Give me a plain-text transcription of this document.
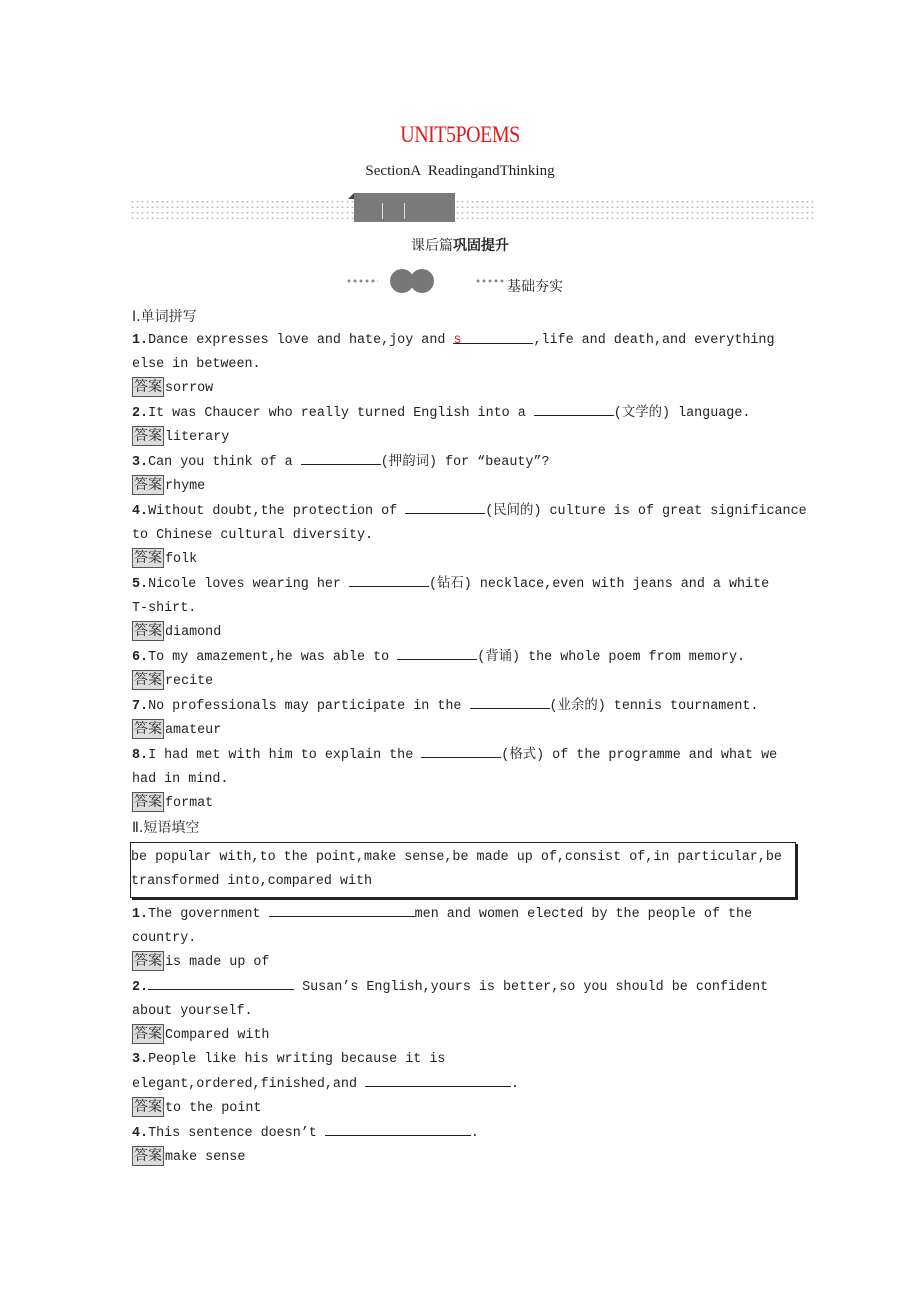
UNIT5POEMS
SectionA  ReadingandThinking
课后篇巩固提升
基础夯实
Ⅰ.单词拼写
1.Dance expresses love and hate,joy and s	,life and death,and everything
else in between.
答案 sorrow
2.It was Chaucer who really turned English into a	(文学的) language.
答案 literary
3.Can you think of a	(押韵词) for “beauty”?
答案 rhyme
4.Without doubt,the protection of	(民间的) culture is of great significance
to Chinese cultural diversity.
答案 folk
5.Nicole loves wearing her	(钻石) necklace,even with jeans and a white
T-shirt.
答案 diamond
6.To my amazement,he was able to	(背诵) the whole poem from memory.
答案 recite
7.No professionals may participate in the	(业余的) tennis tournament.
答案 amateur
8.I had met with him to explain the	(格式) of the programme and what we
had in mind.
答案 format
Ⅱ.短语填空
be popular with,to the point,make sense,be made up of,consist of,in particular,be transformed into,compared with
1.The government	men and women elected by the people of the
country.
答案 is made up of
2.	Susan’s English,yours is better,so you should be confident
about yourself.
答案 Compared with
3.People like his writing because it is
elegant,ordered,finished,and	.
答案 to the point
4.This sentence doesn’t	.
答案 make sense
